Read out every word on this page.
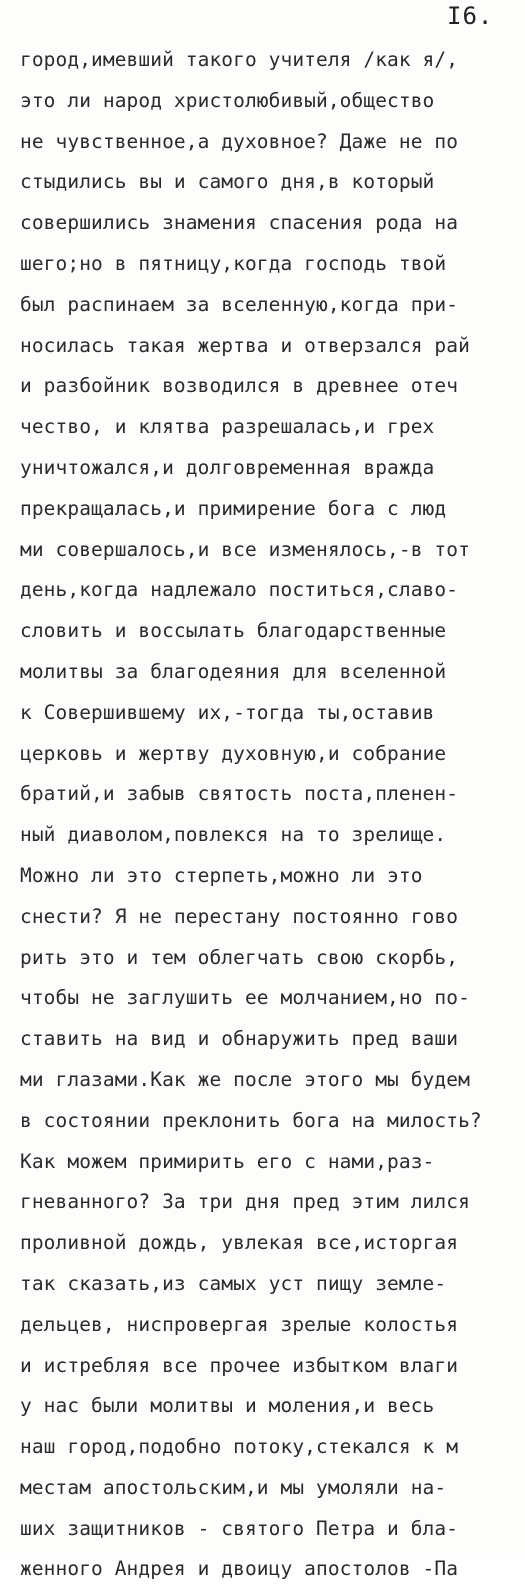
I6.
город,имевший такого учителя /как я/,
это ли народ христолюбивый,общество
не чувственное,а духовное? Даже не по
стыдились вы и самого дня,в который
совершились знамения спасения рода на
шего;но в пятницу,когда господь твой
был распинаем за вселенную,когда при-
носилась такая жертва и отверзался рай
и разбойник возводился в древнее отеч
чество, и клятва разрешалась,и грех
уничтожался,и долговременная вражда
прекращалась,и примирение бога с люд
ми совершалось,и все изменялось,-в тот
день,когда надлежало поститься,славо-
словить и воссылать благодарственные
молитвы за благодеяния для вселенной
к Совершившему их,-тогда ты,оставив
церковь и жертву духовную,и собрание
братий,и забыв святость поста,пленен-
ный диаволом,повлекся на то зрелище.
Можно ли это стерпеть,можно ли это
снести? Я не перестану постоянно гово
рить это и тем облегчать свою скорбь,
чтобы не заглушить ее молчанием,но по-
ставить на вид и обнаружить пред ваши
ми глазами.Как же после этого мы будем
в состоянии преклонить бога на милость?
Как можем примирить его с нами,раз-
гневанного? За три дня пред этим лился
проливной дождь, увлекая все,исторгая
так сказать,из самых уст пищу земле-
дельцев, ниспровергая зрелые колостья
и истребляя все прочее избытком влаги
у нас были молитвы и моления,и весь
наш город,подобно потоку,стекался к м
местам апостольским,и мы умоляли на-
ших защитников - святого Петра и бла-
женного Андрея и двоицу апостолов -Па
